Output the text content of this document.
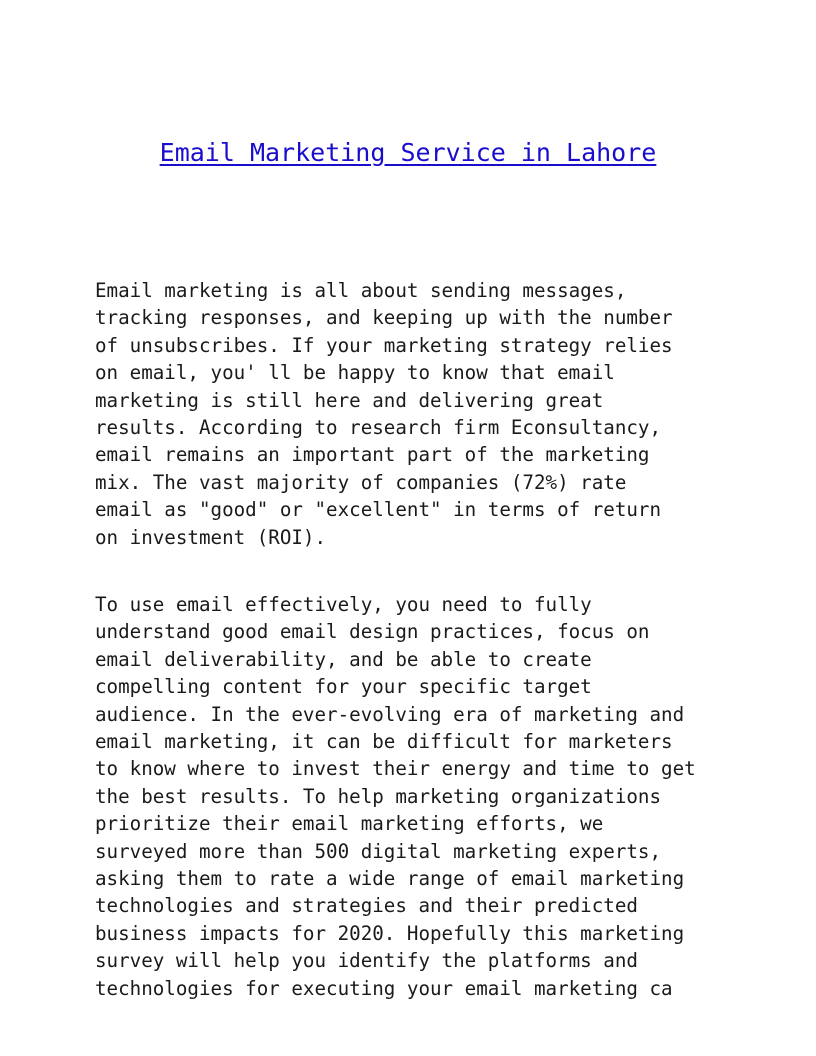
Email Marketing Service in Lahore
Email marketing is all about sending messages,
tracking responses, and keeping up with the number
of unsubscribes. If your marketing strategy relies
on email, you' ll be happy to know that email
marketing is still here and delivering great
results. According to research firm Econsultancy,
email remains an important part of the marketing
mix. The vast majority of companies (72%) rate
email as "good" or "excellent" in terms of return
on investment (ROI).
To use email effectively, you need to fully
understand good email design practices, focus on
email deliverability, and be able to create
compelling content for your specific target
audience. In the ever-evolving era of marketing and
email marketing, it can be difficult for marketers
to know where to invest their energy and time to get
the best results. To help marketing organizations
prioritize their email marketing efforts, we
surveyed more than 500 digital marketing experts,
asking them to rate a wide range of email marketing
technologies and strategies and their predicted
business impacts for 2020. Hopefully this marketing
survey will help you identify the platforms and
technologies for executing your email marketing ca
